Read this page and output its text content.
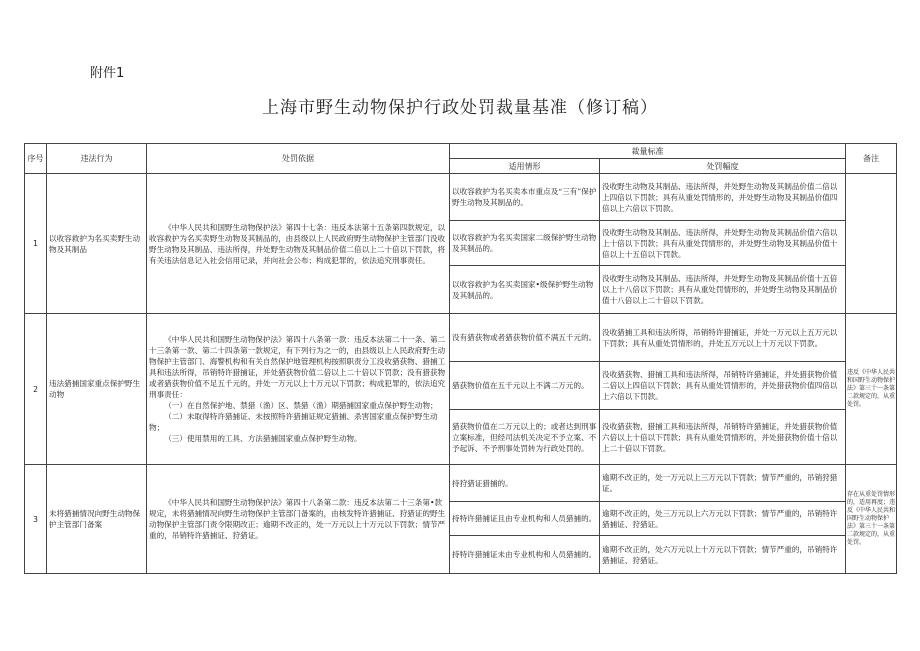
附件1
上海市野生动物保护行政处罚裁量基准（修订稿）
序号	违法行为	处罚依据	裁量标准		备注
			适用情形	处罚幅度	
1	以收容救护为名买卖野生动物及其制品	《中华人民共和国野生动物保护法》第四十七条：违反本法第十五条第四款规定，以收容救护为名买卖野生动物及其制品的，由县级以上人民政府野生动物保护主管部门没收野生动物及其制品、违法所得，并处野生动物及其制品价值二倍以上二十倍以下罚款，将有关违法信息记入社会信用记录，并向社会公布；构成犯罪的，依法追究刑事责任。	以收容救护为名买卖本市重点及“三有”保护野生动物及其制品的。	没收野生动物及其制品、违法所得，并处野生动物及其制品价值二倍以上四倍以下罚款；具有从重处罚情形的，并处野生动物及其制品价值四倍以上六倍以下罚款。	
			以收容救护为名买卖国家二级保护野生动物及其制品的。	没收野生动物及其制品、违法所得，并处野生动物及其制品价值六倍以上十倍以下罚款；具有从重处罚情形的，并处野生动物及其制品价值十倍以上十五倍以下罚款。	
			以收容救护为名买卖国家•级保护野生动物及其制品的。	没收野生动物及其制品、违法所得，并处野生动物及其制品价值十五倍以上十八倍以下罚款；具有从重处罚情形的，并处野生动物及其制品价值十八倍以上二十倍以下罚款。	
2	违法猎捕国家重点保护野生动物	《中华人民共和国野生动物保护法》第四十八条第一款：违反本法第二十一条、第二十三条第一款、第二十四条第一款规定，有下列行为之一的，由县级以上人民政府野生动物保护主管部门、海警机构和有关自然保护地管理机构按照职责分工没收猎获物、猎捕工具和违法所得，吊销特许猎捕证，并处猎获物价值二倍以上二十倍以下罚款；没有猎获物或者猎获物价值不足五千元的，并处一万元以上十万元以下罚款；构成犯罪的，依法追究刑事责任：
（一）在自然保护地、禁猎（渔）区、禁猎（渔）期猎捕国家重点保护野生动物；
（二）未取得特许猎捕证、未按照特许猎捕证规定猎捕、杀害国家重点保护野生动物；
（三）使用禁用的工具、方法猎捕国家重点保护野生动物。	没有猎获物或者猎获物价值不满五千元的。	没收猎捕工具和违法所得，吊销特许猎捕证，并处一万元以上五万元以下罚款；具有从重处罚情形的，并处五万元以上十万元以下罚款。	违反《中华人民共和国野生动物保护法》第三十一条第二款规定的，从重处罚。
			猎获物价值在五千元以上不满二万元的。	没收猎获物、猎捕工具和违法所得，吊销特许猎捕证，并处猎获物价值二倍以上四倍以下罚款；具有从重处罚情形的，并处猎获物价值四倍以上六倍以下罚款。	
			猎获物价值在二万元以上的；或者达到刑事立案标准，但经司法机关决定不予立案、不予起诉、不予刑事处罚转为行政处罚的。	没收猎获物、猎捕工具和违法所得，吊销特许猎捕证，并处猎获物价值六倍以上十倍以下罚款；具有从重处罚情形的，并处猎获物价值十倍以上二十倍以下罚款。	
3	未将猎捕情况向野生动物保护主管部门备案	《中华人民共和国野生动物保护法》第四十八条第二款：违反本法第二十三条第•款规定，未将猎捕情况向野生动物保护主管部门备案的，由核发特许猎捕证、狩猎证的野生动物保护主管部门责令限期改正；逾期不改正的，处一万元以上十万元以下罚款；情节严重的，吊销特许猎捕证、狩猎证。	持狩猎证猎捕的。	逾期不改正的，处一万元以上三万元以下罚款；情节严重的，吊销狩猎证。	存在从重处罚情形的，适用再度；违反《中华人民共和国野生动物保护法》第三十一条第二款规定的，从重处罚。
			持特许猎捕证且由专业机构和人员猎捕的。	逾期不改正的，处三万元以上六万元以下罚款；情节严重的，吊销特许猎捕证、狩猎证。	
			持特许猎捕证未由专业机构和人员猎捕的。	逾期不改正的，处六万元以上十万元以下罚款；情节严重的，吊销特许猎捕证、狩猎证。	
